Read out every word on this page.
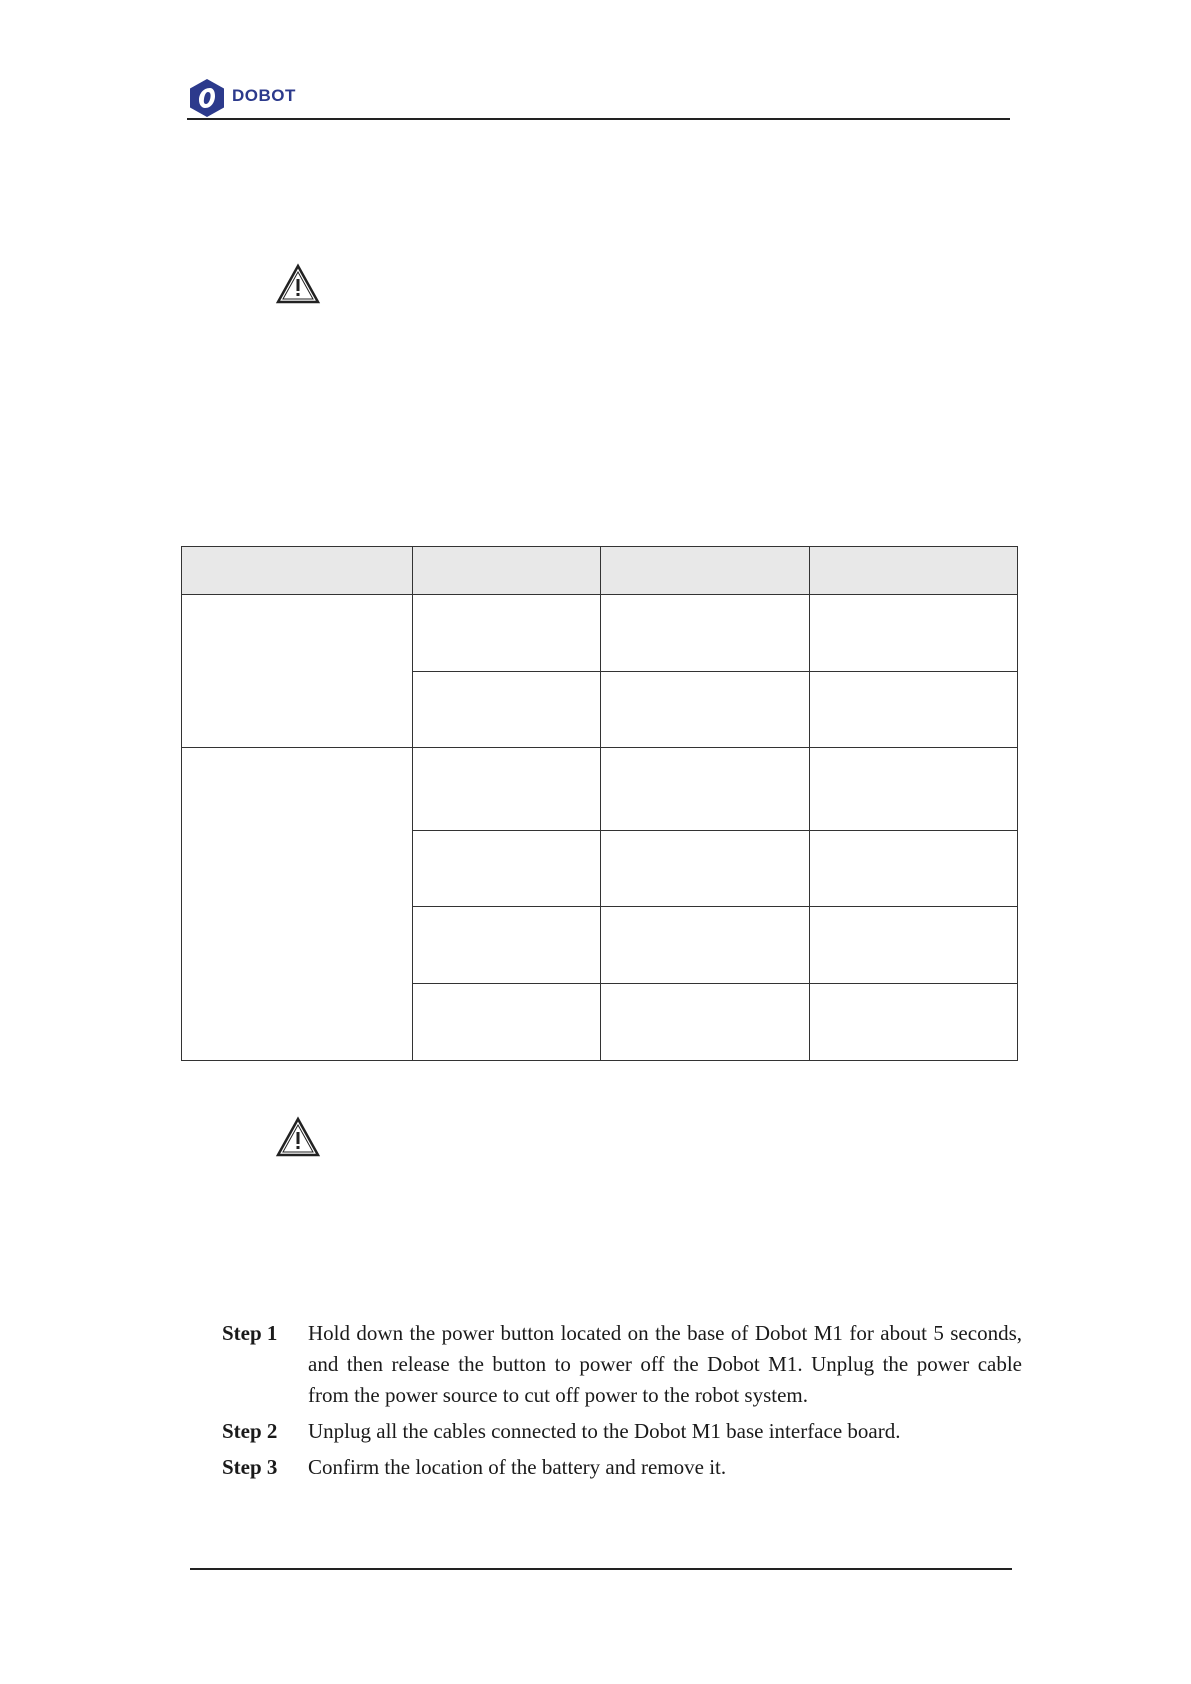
DOBOT

Step 1	Hold down the power button located on the base of Dobot M1 for about 5 seconds, and then release the button to power off the Dobot M1. Unplug the power cable from the power source to cut off power to the robot system.
Step 2	Unplug all the cables connected to the Dobot M1 base interface board.
Step 3	Confirm the location of the battery and remove it.
